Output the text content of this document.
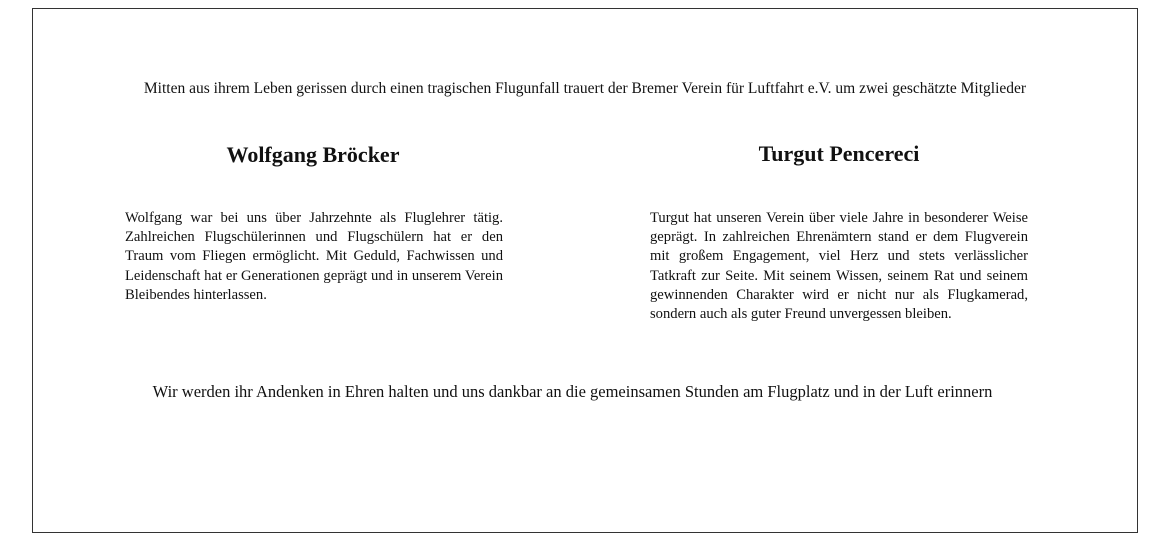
Mitten aus ihrem Leben gerissen durch einen tragischen Flugunfall trauert der Bremer Verein für Luftfahrt e.V. um zwei geschätzte Mitglieder
Wolfgang Bröcker	Turgut Pencereci
Wolfgang war bei uns über Jahrzehnte als Fluglehrer tätig. Zahlreichen Flugschülerinnen und Flugschülern hat er den Traum vom Fliegen ermöglicht. Mit Geduld, Fachwissen und Leidenschaft hat er Generationen geprägt und in unserem Verein Bleibendes hinterlassen.
Turgut hat unseren Verein über viele Jahre in besonderer Weise geprägt. In zahlreichen Ehrenämtern stand er dem Flugverein mit großem Engagement, viel Herz und stets verlässlicher Tatkraft zur Seite. Mit seinem Wissen, seinem Rat und seinem gewinnenden Charakter wird er nicht nur als Flugkamerad, sondern auch als guter Freund unvergessen bleiben.
Wir werden ihr Andenken in Ehren halten und uns dankbar an die gemeinsamen Stunden am Flugplatz und in der Luft erinnern
